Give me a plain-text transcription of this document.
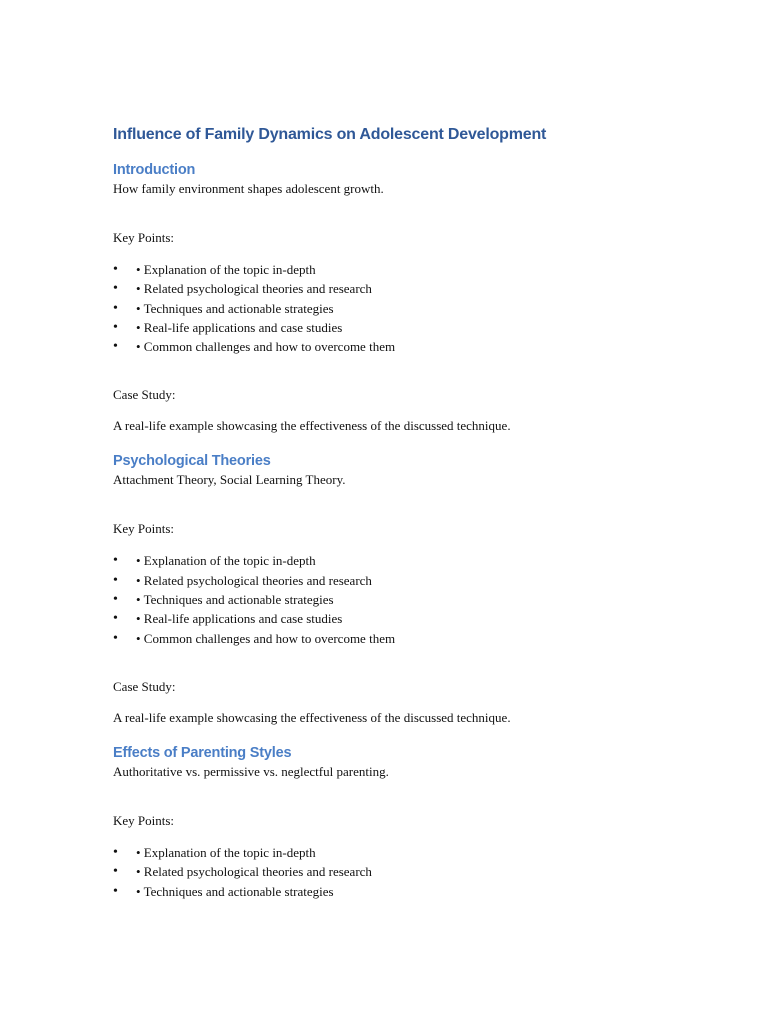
Influence of Family Dynamics on Adolescent Development
Introduction

How family environment shapes adolescent growth.

Key Points:

• • Explanation of the topic in-depth
• • Related psychological theories and research
• • Techniques and actionable strategies
• • Real-life applications and case studies
• • Common challenges and how to overcome them

Case Study:

A real-life example showcasing the effectiveness of the discussed technique.

Psychological Theories

Attachment Theory, Social Learning Theory.

Key Points:

• • Explanation of the topic in-depth
• • Related psychological theories and research
• • Techniques and actionable strategies
• • Real-life applications and case studies
• • Common challenges and how to overcome them

Case Study:

A real-life example showcasing the effectiveness of the discussed technique.

Effects of Parenting Styles

Authoritative vs. permissive vs. neglectful parenting.

Key Points:

• • Explanation of the topic in-depth
• • Related psychological theories and research
• • Techniques and actionable strategies
